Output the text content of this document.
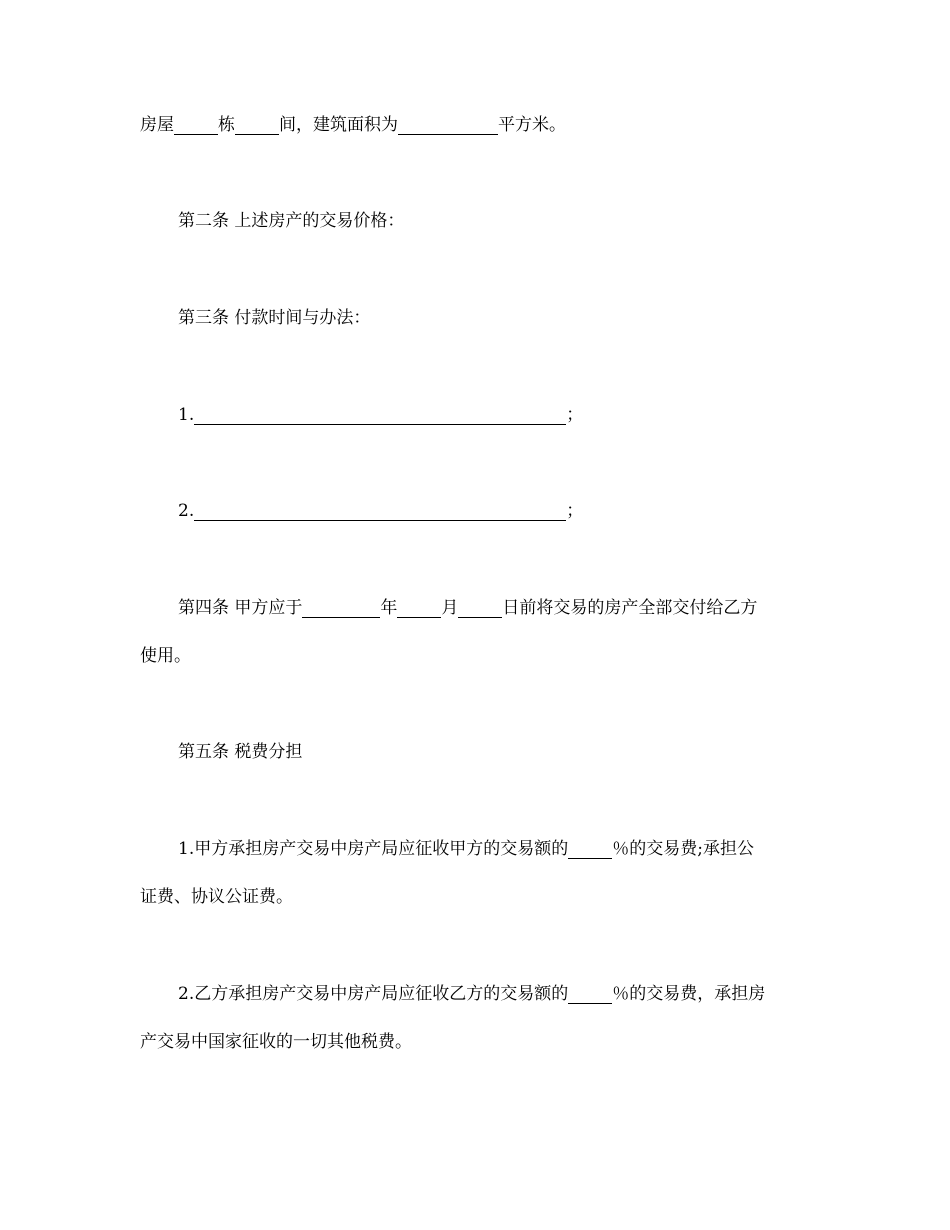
房屋	栋	间，建筑面积为	平方米。
第二条 上述房产的交易价格：
第三条 付款时间与办法：
1.	；
2.	；
第四条 甲方应于	年	月	日前将交易的房产全部交付给乙方
使用。
第五条 税费分担
1.甲方承担房产交易中房产局应征收甲方的交易额的	％的交易费;承担公
证费、协议公证费。
2.乙方承担房产交易中房产局应征收乙方的交易额的	％的交易费，承担房
产交易中国家征收的一切其他税费。
